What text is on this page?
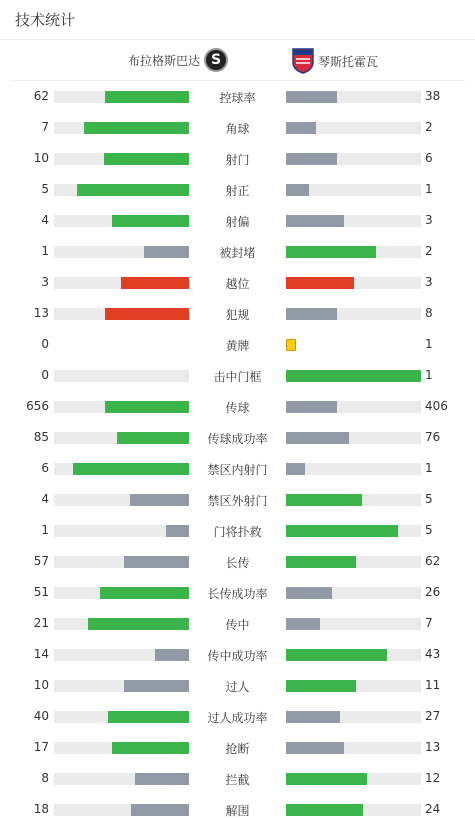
技术统计
布拉格斯巴达 S	琴斯托霍瓦
62	控球率	38
7	角球	2
10	射门	6
5	射正	1
4	射偏	3
1	被封堵	2
3	越位	3
13	犯规	8
0	黄牌	1
0	击中门框	1
656	传球	406
85	传球成功率	76
6	禁区内射门	1
4	禁区外射门	5
1	门将扑救	5
57	长传	62
51	长传成功率	26
21	传中	7
14	传中成功率	43
10	过人	11
40	过人成功率	27
17	抢断	13
8	拦截	12
18	解围	24
